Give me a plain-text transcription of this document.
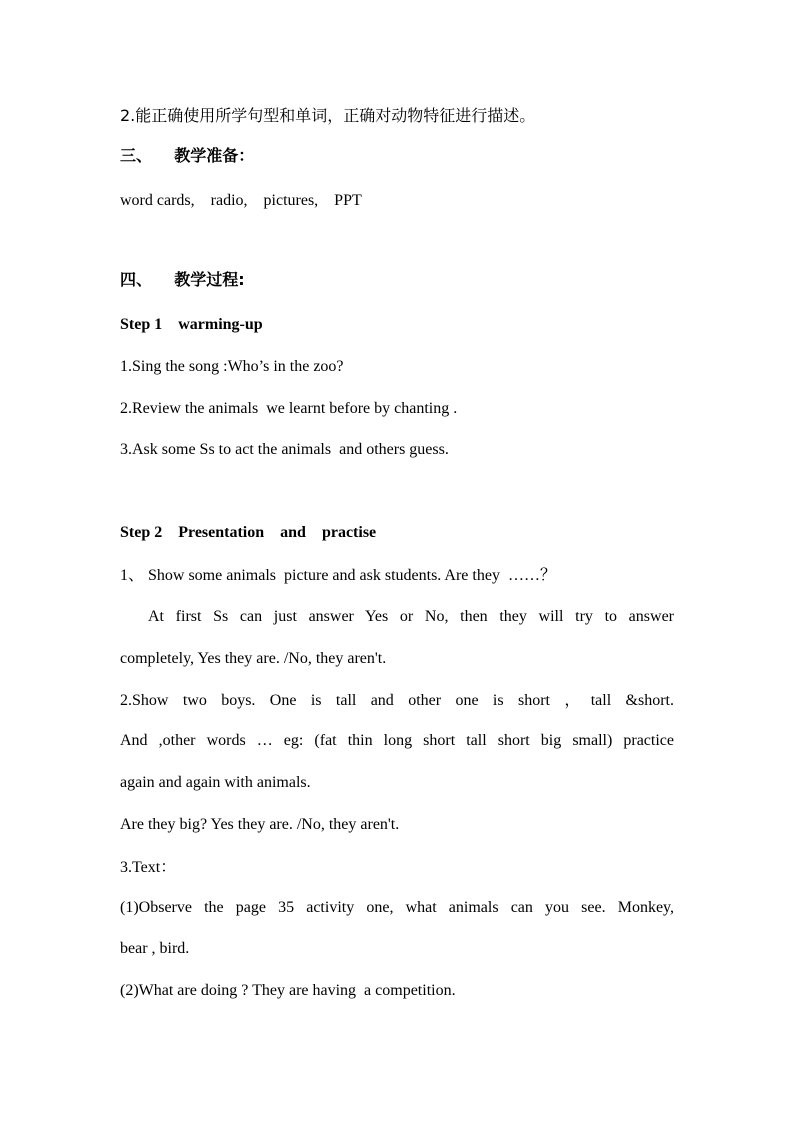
2.能正确使用所学句型和单词，正确对动物特征进行描述。
三、    教学准备：
word cards,    radio,    pictures,    PPT
四、    教学过程:
Step 1    warming-up
1.Sing the song :Who’s in the zoo?
2.Review the animals  we learnt before by chanting .
3.Ask some Ss to act the animals  and others guess.
Step 2    Presentation    and    practise
1、 Show some animals  picture and ask students. Are they  ……？
At first Ss can just answer Yes or No, then they will try to answer
completely, Yes they are. /No, they aren't.
2.Show two boys. One is tall and other one is short ，tall &short.
And ,other words … eg: (fat thin long short tall short big small) practice
again and again with animals.
Are they big? Yes they are. /No, they aren't.
3.Text：
(1)Observe the page 35 activity one, what animals can you see. Monkey,
bear , bird.
(2)What are doing ? They are having  a competition.
